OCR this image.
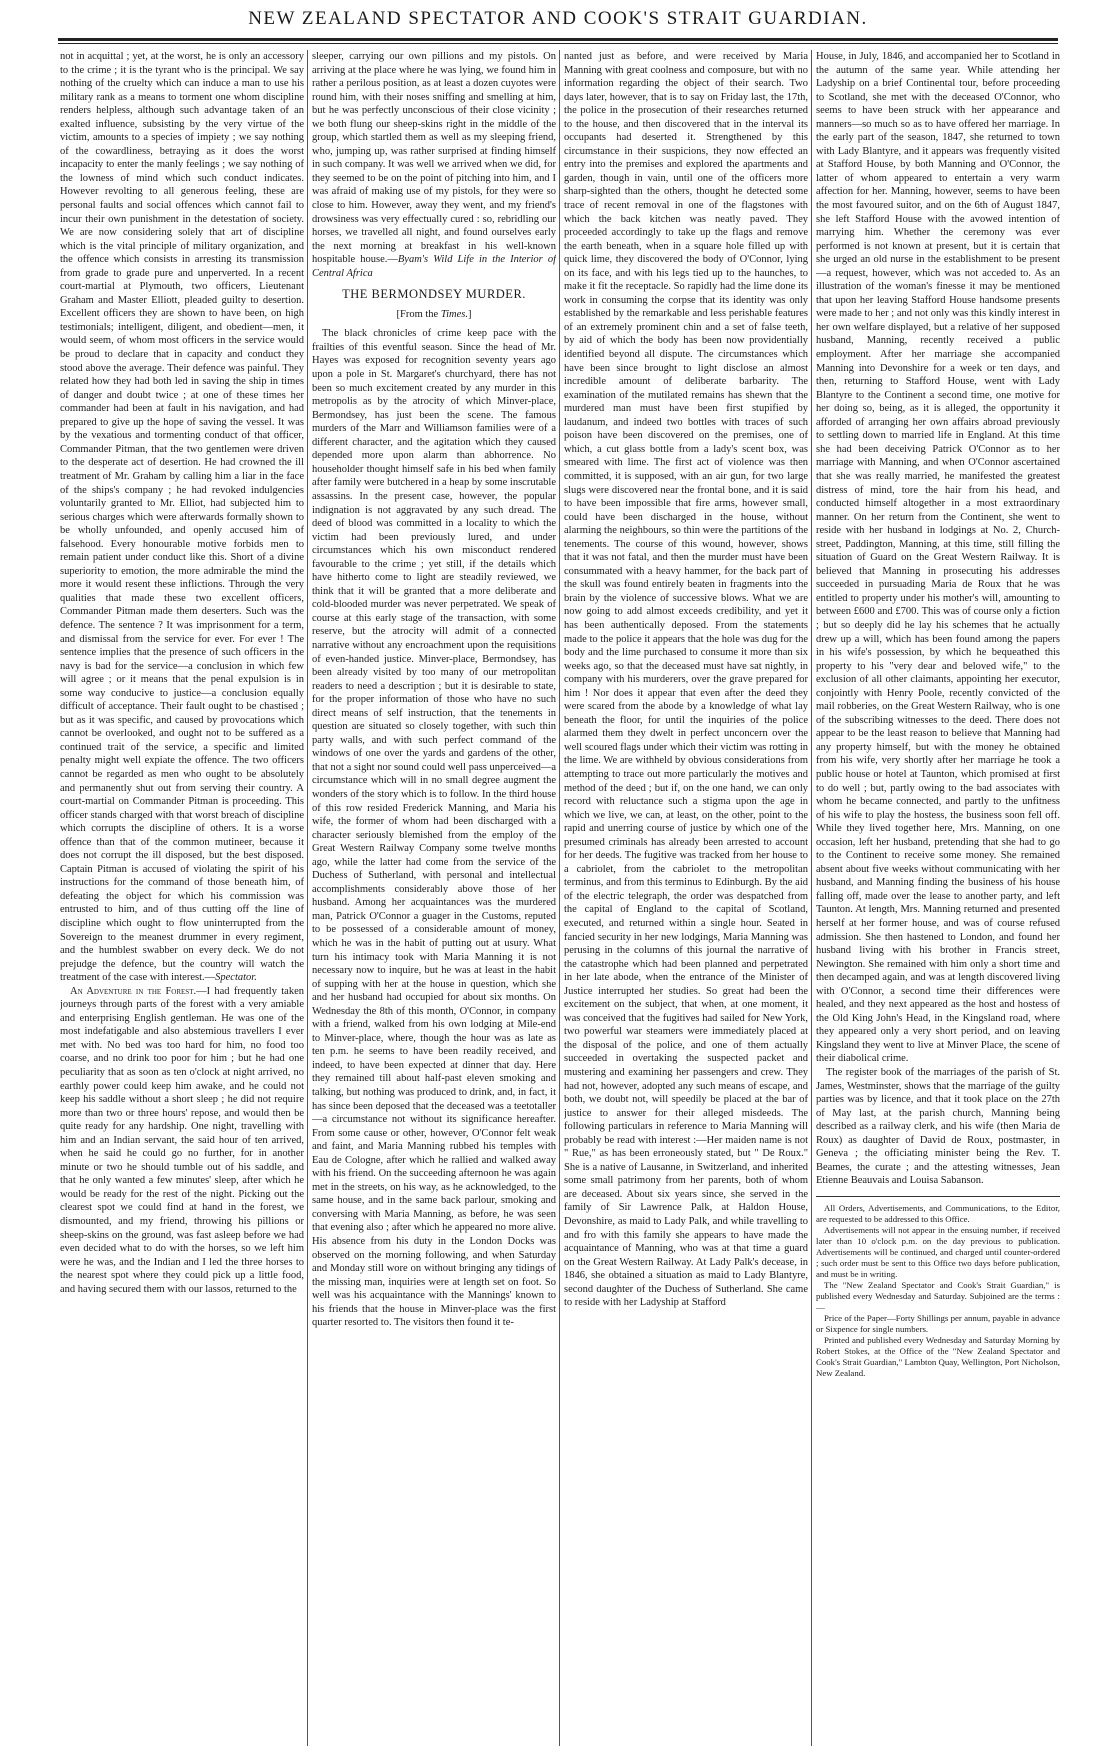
NEW ZEALAND SPECTATOR AND COOK'S STRAIT GUARDIAN.

not in acquittal ; yet, at the worst, he is only an accessory to the crime ; it is the tyrant who is the principal. We say nothing of the cruelty which can induce a man to use his military rank as a means to torment one whom discipline renders helpless, although such advantage taken of an exalted influence, subsisting by the very virtue of the victim, amounts to a species of impiety ; we say nothing of the cowardliness, betraying as it does the worst incapacity to enter the manly feelings ; we say nothing of the lowness of mind which such conduct indicates. However revolting to all generous feeling, these are personal faults and social offences which cannot fail to incur their own punishment in the detestation of society. We are now considering solely that art of discipline which is the vital principle of military organization, and the offence which consists in arresting its transmission from grade to grade pure and unperverted. In a recent court-martial at Plymouth, two officers, Lieutenant Graham and Master Elliott, pleaded guilty to desertion. Excellent officers they are shown to have been, on high testimonials; intelligent, diligent, and obedient—men, it would seem, of whom most officers in the service would be proud to declare that in capacity and conduct they stood above the average. Their defence was painful. They related how they had both led in saving the ship in times of danger and doubt twice ; at one of these times her commander had been at fault in his navigation, and had prepared to give up the hope of saving the vessel. It was by the vexatious and tormenting conduct of that officer, Commander Pitman, that the two gentlemen were driven to the desperate act of desertion. He had crowned the ill treatment of Mr. Graham by calling him a liar in the face of the ships's company ; he had revoked indulgencies voluntarily granted to Mr. Elliot, had subjected him to serious charges which were afterwards formally shown to be wholly unfounded, and openly accused him of falsehood. Every honourable motive forbids men to remain patient under conduct like this. Short of a divine superiority to emotion, the more admirable the mind the more it would resent these inflictions. Through the very qualities that made these two excellent officers, Commander Pitman made them deserters. Such was the defence. The sentence ? It was imprisonment for a term, and dismissal from the service for ever. For ever ! The sentence implies that the presence of such officers in the navy is bad for the service—a conclusion in which few will agree ; or it means that the penal expulsion is in some way conducive to justice—a conclusion equally difficult of acceptance. Their fault ought to be chastised ; but as it was specific, and caused by provocations which cannot be overlooked, and ought not to be suffered as a continued trait of the service, a specific and limited penalty might well expiate the offence. The two officers cannot be regarded as men who ought to be absolutely and permanently shut out from serving their country. A court-martial on Commander Pitman is proceeding. This officer stands charged with that worst breach of discipline which corrupts the discipline of others. It is a worse offence than that of the common mutineer, because it does not corrupt the ill disposed, but the best disposed. Captain Pitman is accused of violating the spirit of his instructions for the command of those beneath him, of defeating the object for which his commission was entrusted to him, and of thus cutting off the line of discipline which ought to flow uninterrupted from the Sovereign to the meanest drummer in every regiment, and the humblest swabber on every deck. We do not prejudge the defence, but the country will watch the treatment of the case with interest.—Spectator.

An Adventure in the Forest.—I had frequently taken journeys through parts of the forest with a very amiable and enterprising English gentleman. He was one of the most indefatigable and also abstemious travellers I ever met with. No bed was too hard for him, no food too coarse, and no drink too poor for him ; but he had one peculiarity that as soon as ten o'clock at night arrived, no earthly power could keep him awake, and he could not keep his saddle without a short sleep ; he did not require more than two or three hours' repose, and would then be quite ready for any hardship. One night, travelling with him and an Indian servant, the said hour of ten arrived, when he said he could go no further, for in another minute or two he should tumble out of his saddle, and that he only wanted a few minutes' sleep, after which he would be ready for the rest of the night. Picking out the clearest spot we could find at hand in the forest, we dismounted, and my friend, throwing his pillions or sheep-skins on the ground, was fast asleep before we had even decided what to do with the horses, so we left him were he was, and the Indian and I led the three horses to the nearest spot where they could pick up a little food, and having secured them with our lassos, returned to the

sleeper, carrying our own pillions and my pistols. On arriving at the place where he was lying, we found him in rather a perilous position, as at least a dozen cuyotes were round him, with their noses sniffing and smelling at him, but he was perfectly unconscious of their close vicinity ; we both flung our sheep-skins right in the middle of the group, which startled them as well as my sleeping friend, who, jumping up, was rather surprised at finding himself in such company. It was well we arrived when we did, for they seemed to be on the point of pitching into him, and I was afraid of making use of my pistols, for they were so close to him. However, away they went, and my friend's drowsiness was very effectually cured : so, rebridling our horses, we travelled all night, and found ourselves early the next morning at breakfast in his well-known hospitable house.—Byam's Wild Life in the Interior of Central Africa

THE BERMONDSEY MURDER.
[From the Times.]

The black chronicles of crime keep pace with the frailties of this eventful season. Since the head of Mr. Hayes was exposed for recognition seventy years ago upon a pole in St. Margaret's churchyard, there has not been so much excitement created by any murder in this metropolis as by the atrocity of which Minver-place, Bermondsey, has just been the scene. The famous murders of the Marr and Williamson families were of a different character, and the agitation which they caused depended more upon alarm than abhorrence. No householder thought himself safe in his bed when family after family were butchered in a heap by some inscrutable assassins. In the present case, however, the popular indignation is not aggravated by any such dread. The deed of blood was committed in a locality to which the victim had been previously lured, and under circumstances which his own misconduct rendered favourable to the crime ; yet still, if the details which have hitherto come to light are steadily reviewed, we think that it will be granted that a more deliberate and cold-blooded murder was never perpetrated. We speak of course at this early stage of the transaction, with some reserve, but the atrocity will admit of a connected narrative without any encroachment upon the requisitions of even-handed justice. Minver-place, Bermondsey, has been already visited by too many of our metropolitan readers to need a description ; but it is desirable to state, for the proper information of those who have no such direct means of self instruction, that the tenements in question are situated so closely together, with such thin party walls, and with such perfect command of the windows of one over the yards and gardens of the other, that not a sight nor sound could well pass unperceived—a circumstance which will in no small degree augment the wonders of the story which is to follow. In the third house of this row resided Frederick Manning, and Maria his wife, the former of whom had been discharged with a character seriously blemished from the employ of the Great Western Railway Company some twelve months ago, while the latter had come from the service of the Duchess of Sutherland, with personal and intellectual accomplishments considerably above those of her husband. Among her acquaintances was the murdered man, Patrick O'Connor a guager in the Customs, reputed to be possessed of a considerable amount of money, which he was in the habit of putting out at usury. What turn his intimacy took with Maria Manning it is not necessary now to inquire, but he was at least in the habit of supping with her at the house in question, which she and her husband had occupied for about six months. On Wednesday the 8th of this month, O'Connor, in company with a friend, walked from his own lodging at Mile-end to Minver-place, where, though the hour was as late as ten p.m. he seems to have been readily received, and indeed, to have been expected at dinner that day. Here they remained till about half-past eleven smoking and talking, but nothing was produced to drink, and, in fact, it has since been deposed that the deceased was a teetotaller—a circumstance not without its significance hereafter. From some cause or other, however, O'Connor felt weak and faint, and Maria Manning rubbed his temples with Eau de Cologne, after which he rallied and walked away with his friend. On the succeeding afternoon he was again met in the streets, on his way, as he acknowledged, to the same house, and in the same back parlour, smoking and conversing with Maria Manning, as before, he was seen that evening also ; after which he appeared no more alive. His absence from his duty in the London Docks was observed on the morning following, and when Saturday and Monday still wore on without bringing any tidings of the missing man, inquiries were at length set on foot. So well was his acquaintance with the Mannings' known to his friends that the house in Minver-place was the first quarter resorted to. The visitors then found it te-

nanted just as before, and were received by Maria Manning with great coolness and composure, but with no information regarding the object of their search. Two days later, however, that is to say on Friday last, the 17th, the police in the prosecution of their researches returned to the house, and then discovered that in the interval its occupants had deserted it. Strengthened by this circumstance in their suspicions, they now effected an entry into the premises and explored the apartments and garden, though in vain, until one of the officers more sharp-sighted than the others, thought he detected some trace of recent removal in one of the flagstones with which the back kitchen was neatly paved. They proceeded accordingly to take up the flags and remove the earth beneath, when in a square hole filled up with quick lime, they discovered the body of O'Connor, lying on its face, and with his legs tied up to the haunches, to make it fit the receptacle. So rapidly had the lime done its work in consuming the corpse that its identity was only established by the remarkable and less perishable features of an extremely prominent chin and a set of false teeth, by aid of which the body has been now providentially identified beyond all dispute. The circumstances which have been since brought to light disclose an almost incredible amount of deliberate barbarity. The examination of the mutilated remains has shewn that the murdered man must have been first stupified by laudanum, and indeed two bottles with traces of such poison have been discovered on the premises, one of which, a cut glass bottle from a lady's scent box, was smeared with lime. The first act of violence was then committed, it is supposed, with an air gun, for two large slugs were discovered near the frontal bone, and it is said to have been impossible that fire arms, however small, could have been discharged in the house, without alarming the neighbours, so thin were the partitions of the tenements. The course of this wound, however, shows that it was not fatal, and then the murder must have been consummated with a heavy hammer, for the back part of the skull was found entirely beaten in fragments into the brain by the violence of successive blows. What we are now going to add almost exceeds credibility, and yet it has been authentically deposed. From the statements made to the police it appears that the hole was dug for the body and the lime purchased to consume it more than six weeks ago, so that the deceased must have sat nightly, in company with his murderers, over the grave prepared for him ! Nor does it appear that even after the deed they were scared from the abode by a knowledge of what lay beneath the floor, for until the inquiries of the police alarmed them they dwelt in perfect unconcern over the well scoured flags under which their victim was rotting in the lime. We are withheld by obvious considerations from attempting to trace out more particularly the motives and method of the deed ; but if, on the one hand, we can only record with reluctance such a stigma upon the age in which we live, we can, at least, on the other, point to the rapid and unerring course of justice by which one of the presumed criminals has already been arrested to account for her deeds. The fugitive was tracked from her house to a cabriolet, from the cabriolet to the metropolitan terminus, and from this terminus to Edinburgh. By the aid of the electric telegraph, the order was despatched from the capital of England to the capital of Scotland, executed, and returned within a single hour. Seated in fancied security in her new lodgings, Maria Manning was perusing in the columns of this journal the narrative of the catastrophe which had been planned and perpetrated in her late abode, when the entrance of the Minister of Justice interrupted her studies. So great had been the excitement on the subject, that when, at one moment, it was conceived that the fugitives had sailed for New York, two powerful war steamers were immediately placed at the disposal of the police, and one of them actually succeeded in overtaking the suspected packet and mustering and examining her passengers and crew. They had not, however, adopted any such means of escape, and both, we doubt not, will speedily be placed at the bar of justice to answer for their alleged misdeeds. The following particulars in reference to Maria Manning will probably be read with interest :—Her maiden name is not " Rue," as has been erroneously stated, but " De Roux." She is a native of Lausanne, in Switzerland, and inherited some small patrimony from her parents, both of whom are deceased. About six years since, she served in the family of Sir Lawrence Palk, at Haldon House, Devonshire, as maid to Lady Palk, and while travelling to and fro with this family she appears to have made the acquaintance of Manning, who was at that time a guard on the Great Western Railway. At Lady Palk's decease, in 1846, she obtained a situation as maid to Lady Blantyre, second daughter of the Duchess of Sutherland. She came to reside with her Ladyship at Stafford

House, in July, 1846, and accompanied her to Scotland in the autumn of the same year. While attending her Ladyship on a brief Continental tour, before proceeding to Scotland, she met with the deceased O'Connor, who seems to have been struck with her appearance and manners—so much so as to have offered her marriage. In the early part of the season, 1847, she returned to town with Lady Blantyre, and it appears was frequently visited at Stafford House, by both Manning and O'Connor, the latter of whom appeared to entertain a very warm affection for her. Manning, however, seems to have been the most favoured suitor, and on the 6th of August 1847, she left Stafford House with the avowed intention of marrying him. Whether the ceremony was ever performed is not known at present, but it is certain that she urged an old nurse in the establishment to be present—a request, however, which was not acceded to. As an illustration of the woman's finesse it may be mentioned that upon her leaving Stafford House handsome presents were made to her ; and not only was this kindly interest in her own welfare displayed, but a relative of her supposed husband, Manning, recently received a public employment. After her marriage she accompanied Manning into Devonshire for a week or ten days, and then, returning to Stafford House, went with Lady Blantyre to the Continent a second time, one motive for her doing so, being, as it is alleged, the opportunity it afforded of arranging her own affairs abroad previously to settling down to married life in England. At this time she had been deceiving Patrick O'Connor as to her marriage with Manning, and when O'Connor ascertained that she was really married, he manifested the greatest distress of mind, tore the hair from his head, and conducted himself altogether in a most extraordinary manner. On her return from the Continent, she went to reside with her husband in lodgings at No. 2, Church-street, Paddington, Manning, at this time, still filling the situation of Guard on the Great Western Railway. It is believed that Manning in prosecuting his addresses succeeded in pursuading Maria de Roux that he was entitled to property under his mother's will, amounting to between £600 and £700. This was of course only a fiction ; but so deeply did he lay his schemes that he actually drew up a will, which has been found among the papers in his wife's possession, by which he bequeathed this property to his "very dear and beloved wife," to the exclusion of all other claimants, appointing her executor, conjointly with Henry Poole, recently convicted of the mail robberies, on the Great Western Railway, who is one of the subscribing witnesses to the deed. There does not appear to be the least reason to believe that Manning had any property himself, but with the money he obtained from his wife, very shortly after her marriage he took a public house or hotel at Taunton, which promised at first to do well ; but, partly owing to the bad associates with whom he became connected, and partly to the unfitness of his wife to play the hostess, the business soon fell off. While they lived together here, Mrs. Manning, on one occasion, left her husband, pretending that she had to go to the Continent to receive some money. She remained absent about five weeks without communicating with her husband, and Manning finding the business of his house falling off, made over the lease to another party, and left Taunton. At length, Mrs. Manning returned and presented herself at her former house, and was of course refused admission. She then hastened to London, and found her husband living with his brother in Francis street, Newington. She remained with him only a short time and then decamped again, and was at length discovered living with O'Connor, a second time their differences were healed, and they next appeared as the host and hostess of the Old King John's Head, in the Kingsland road, where they appeared only a very short period, and on leaving Kingsland they went to live at Minver Place, the scene of their diabolical crime.

The register book of the marriages of the parish of St. James, Westminster, shows that the marriage of the guilty parties was by licence, and that it took place on the 27th of May last, at the parish church, Manning being described as a railway clerk, and his wife (then Maria de Roux) as daughter of David de Roux, postmaster, in Geneva ; the officiating minister being the Rev. T. Beames, the curate ; and the attesting witnesses, Jean Etienne Beauvais and Louisa Sabanson.

All Orders, Advertisements, and Communications, to the Editor, are requested to be addressed to this Office.

Advertisements will not appear in the ensuing number, if received later than 10 o'clock p.m. on the day previous to publication. Advertisements will be continued, and charged until counter-ordered ; such order must be sent to this Office two days before publication, and must be in writing.

The "New Zealand Spectator and Cook's Strait Guardian," is published every Wednesday and Saturday. Subjoined are the terms :—

Price of the Paper—Forty Shillings per annum, payable in advance or Sixpence for single numbers.

Printed and published every Wednesday and Saturday Morning by Robert Stokes, at the Office of the "New Zealand Spectator and Cook's Strait Guardian," Lambton Quay, Wellington, Port Nicholson, New Zealand.
